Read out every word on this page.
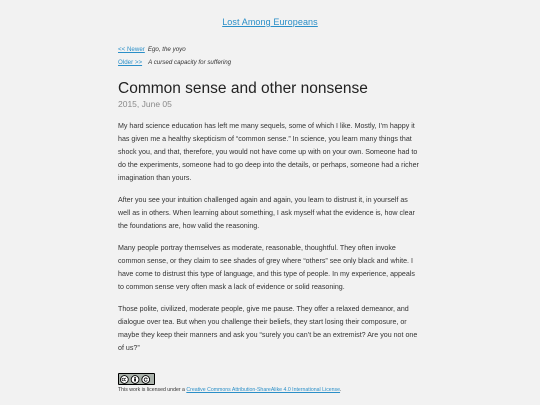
Lost Among Europeans
<< Newer Ego, the yoyo
Older >> A cursed capacity for suffering
Common sense and other nonsense
2015, June 05

My hard science education has left me many sequels, some of which I like. Mostly, I’m happy it has given me a healthy skepticism of “common sense.” In science, you learn many things that shock you, and that, therefore, you would not have come up with on your own. Someone had to do the experiments, someone had to go deep into the details, or perhaps, someone had a richer imagination than yours.

After you see your intuition challenged again and again, you learn to distrust it, in yourself as well as in others. When learning about something, I ask myself what the evidence is, how clear the foundations are, how valid the reasoning.

Many people portray themselves as moderate, reasonable, thoughtful. They often invoke common sense, or they claim to see shades of grey where “others” see only black and white. I have come to distrust this type of language, and this type of people. In my experience, appeals to common sense very often mask a lack of evidence or solid reasoning.

Those polite, civilized, moderate people, give me pause. They offer a relaxed demeanor, and dialogue over tea. But when you challenge their beliefs, they start losing their composure, or maybe they keep their manners and ask you “surely you can’t be an extremist? Are you not one of us?”

This work is licensed under a Creative Commons Attribution-ShareAlike 4.0 International License.
